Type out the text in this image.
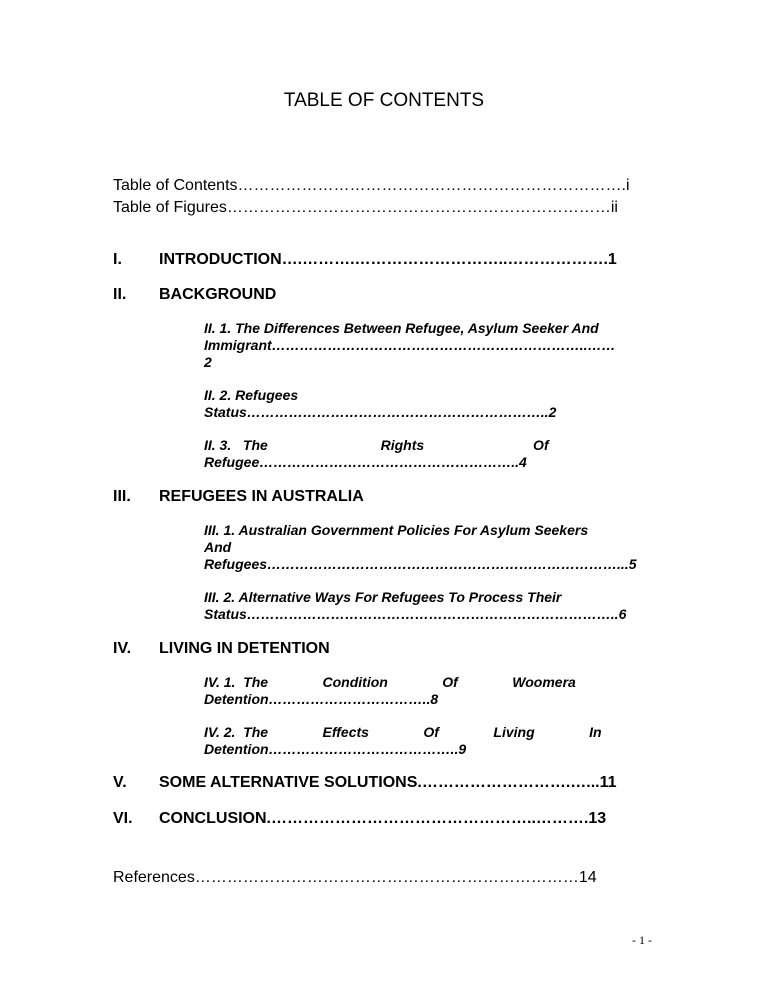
TABLE OF CONTENTS
Table of Contents……………………………………………………………….i
Table of Figures………………………………………………………………ii
I. INTRODUCTION….……….………………………..……………….1
II. BACKGROUND
II. 1. The Differences Between Refugee, Asylum Seeker And
Immigrant…………………………………………………………..……
2
II. 2. Refugees
Status………………………………………………………..2
II. 3.   The                             Rights                            Of
Refugee………………………………………………..4
III. REFUGEES IN AUSTRALIA
III. 1. Australian Government Policies For Asylum Seekers
And
Refugees…………………………………………………………………...5
III. 2. Alternative Ways For Refugees To Process Their
Status……………………………………………………………………..6
IV. LIVING IN DETENTION
IV. 1.  The              Condition              Of              Woomera
Detention……………………………..8
IV. 2.  The              Effects              Of              Living              In
Detention…………………………………..9
V. SOME ALTERNATIVE SOLUTIONS.……………………….…...11
VI. CONCLUSION.…………………………………………..……….13
References………………………………………………………………14
- 1 -
